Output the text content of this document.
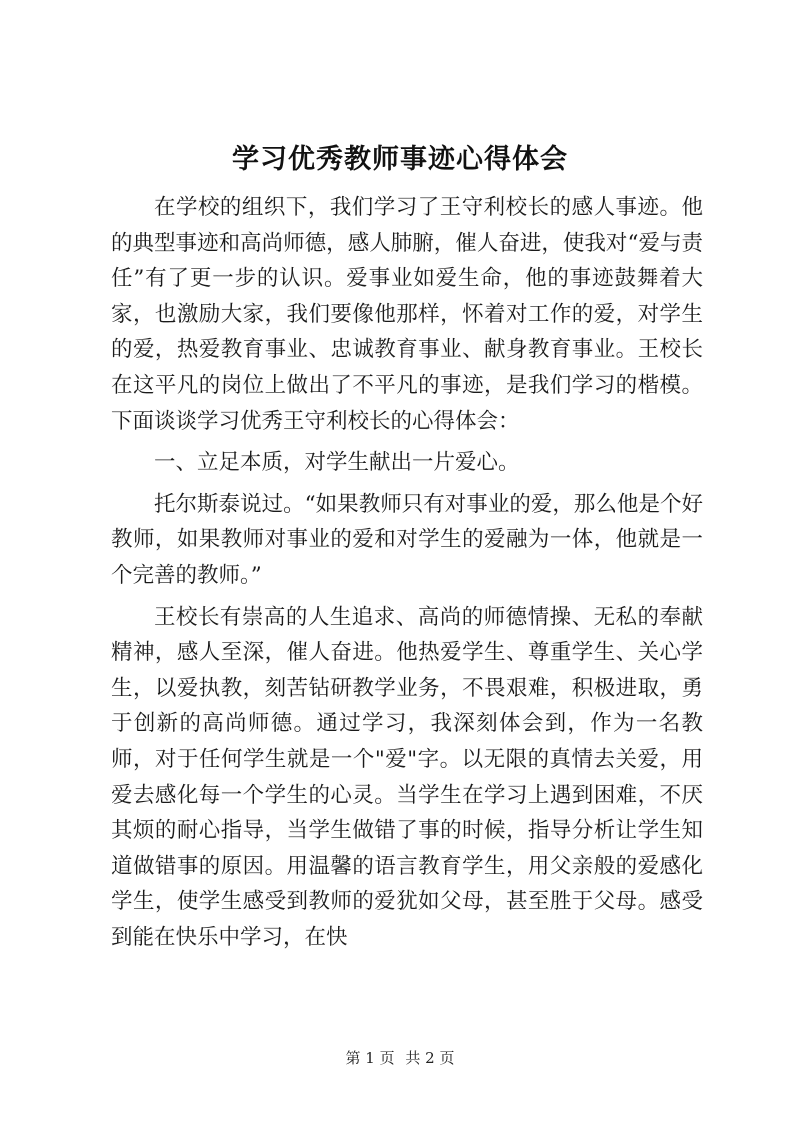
学习优秀教师事迹心得体会

在学校的组织下，我们学习了王守利校长的感人事迹。他的典型事迹和高尚师德，感人肺腑，催人奋进，使我对“爱与责任”有了更一步的认识。爱事业如爱生命，他的事迹鼓舞着大家，也激励大家，我们要像他那样，怀着对工作的爱，对学生的爱，热爱教育事业、忠诚教育事业、献身教育事业。王校长在这平凡的岗位上做出了不平凡的事迹，是我们学习的楷模。下面谈谈学习优秀王守利校长的心得体会：

一、立足本质，对学生献出一片爱心。

托尔斯泰说过。“如果教师只有对事业的爱，那么他是个好教师，如果教师对事业的爱和对学生的爱融为一体，他就是一个完善的教师。”

王校长有崇高的人生追求、高尚的师德情操、无私的奉献精神，感人至深，催人奋进。他热爱学生、尊重学生、关心学生，以爱执教，刻苦钻研教学业务，不畏艰难，积极进取，勇于创新的高尚师德。通过学习，我深刻体会到，作为一名教师，对于任何学生就是一个"爱"字。以无限的真情去关爱，用爱去感化每一个学生的心灵。当学生在学习上遇到困难，不厌其烦的耐心指导，当学生做错了事的时候，指导分析让学生知道做错事的原因。用温馨的语言教育学生，用父亲般的爱感化学生，使学生感受到教师的爱犹如父母，甚至胜于父母。感受到能在快乐中学习，在快

第 1 页 共 2 页
